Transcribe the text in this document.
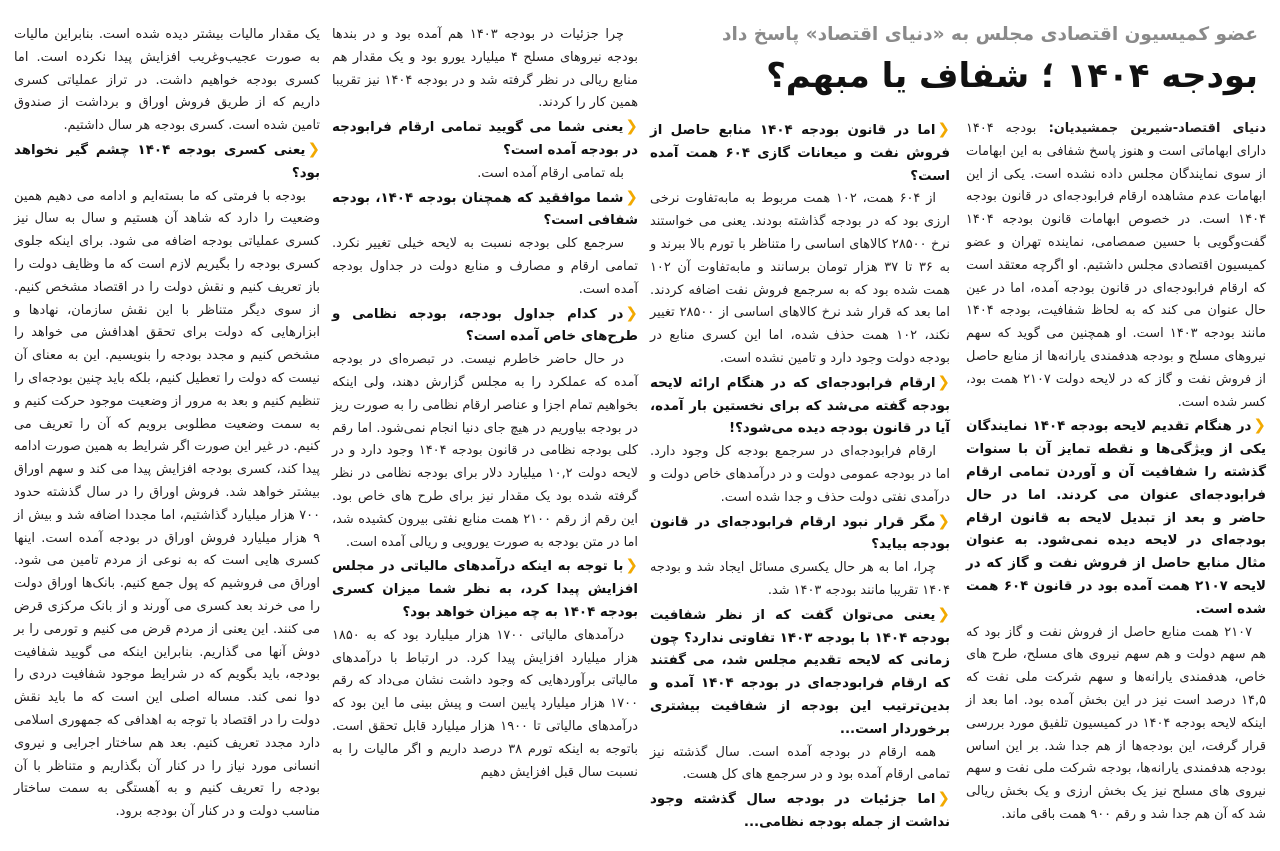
عضو کمیسیون اقتصادی مجلس به «دنیای اقتصاد» پاسخ داد
بودجه ۱۴۰۴ ؛ شفاف یا مبهم؟

دنیای اقتصاد-شیرین جمشیدیان: بودجه ۱۴۰۴ دارای ابهاماتی است و هنوز پاسخ شفافی به این ابهامات از سوی نمایندگان مجلس داده نشده است. یکی از این ابهامات عدم مشاهده ارقام فرابودجه‌ای در قانون بودجه ۱۴۰۴ است. در خصوص ابهامات قانون بودجه ۱۴۰۴ گفت‌وگویی با حسین صمصامی، نماینده تهران و عضو کمیسیون اقتصادی مجلس داشتیم. او اگرچه معتقد است که ارقام فرابودجه‌ای در قانون بودجه آمده، اما در عین حال عنوان می کند که به لحاظ شفافیت، بودجه ۱۴۰۴ مانند بودجه ۱۴۰۳ است. او همچنین می گوید که سهم نیروهای مسلح و بودجه هدفمندی یارانه‌ها از منابع حاصل از فروش نفت و گاز که در لایحه دولت ۲۱۰۷ همت بود، کسر شده است.

❮در هنگام تقدیم لایحه بودجه ۱۴۰۴ نمایندگان یکی از ویژگی‌ها و نقطه تمایز آن با سنوات گذشته را شفافیت آن و آوردن تمامی ارقام فرابودجه‌ای عنوان می کردند. اما در حال حاضر و بعد از تبدیل لایحه به قانون ارقام بودجه‌ای در لایحه دیده نمی‌شود. به عنوان مثال منابع حاصل از فروش نفت و گاز که در لایحه ۲۱۰۷ همت آمده بود در قانون ۶۰۴ همت شده است.

۲۱۰۷ همت منابع حاصل از فروش نفت و گاز بود که هم سهم دولت و هم سهم نیروی های مسلح، طرح های خاص، هدفمندی یارانه‌ها و سهم شرکت ملی نفت که ۱۴,۵ درصد است نیز در این بخش آمده بود. اما بعد از اینکه لایحه بودجه ۱۴۰۴ در کمیسیون تلفیق مورد بررسی قرار گرفت، این بودجه‌ها از هم جدا شد. بر این اساس بودجه هدفمندی یارانه‌ها، بودجه شرکت ملی نفت و سهم نیروی های مسلح نیز یک بخش ارزی و یک بخش ریالی شد که آن هم جدا شد و رقم ۹۰۰ همت باقی ماند.

❮اما در قانون بودجه ۱۴۰۴ منابع حاصل از فروش نفت و میعانات گازی ۶۰۴ همت آمده است؟

از ۶۰۴ همت، ۱۰۲ همت مربوط به مابه‌تفاوت نرخی ارزی بود که در بودجه گذاشته بودند. یعنی می خواستند نرخ ۲۸۵۰۰ کالاهای اساسی را متناظر با تورم بالا ببرند و به ۳۶ تا ۳۷ هزار تومان برسانند و مابه‌تفاوت آن ۱۰۲ همت شده بود که به سرجمع فروش نفت اضافه کردند. اما بعد که قرار شد نرخ کالاهای اساسی از ۲۸۵۰۰ تغییر نکند، ۱۰۲ همت حذف شده، اما این کسری منابع در بودجه دولت وجود دارد و تامین نشده است.

❮ارقام فرابودجه‌ای که در هنگام ارائه لایحه بودجه گفته می‌شد که برای نخستین بار آمده، آیا در قانون بودجه دیده می‌شود؟!

ارقام فرابودجه‌ای در سرجمع بودجه کل وجود دارد. اما در بودجه عمومی دولت و در درآمدهای خاص دولت و درآمدی نفتی دولت حذف و جدا شده است.

❮مگر قرار نبود ارقام فرابودجه‌ای در قانون بودجه بیاید؟

چرا، اما به هر حال یکسری مسائل ایجاد شد و بودجه ۱۴۰۴ تقریبا مانند بودجه ۱۴۰۳ شد.

❮یعنی می‌توان گفت که از نظر شفافیت بودجه ۱۴۰۴ با بودجه ۱۴۰۳ تفاوتی ندارد؟ چون زمانی که لایحه تقدیم مجلس شد، می گفتند که ارقام فرابودجه‌ای در بودجه ۱۴۰۴ آمده و بدین‌ترتیب این بودجه از شفافیت بیشتری برخوردار است...

همه ارقام در بودجه آمده است. سال گذشته نیز تمامی ارقام آمده بود و در سرجمع های کل هست.

❮اما جزئیات در بودجه سال گذشته وجود نداشت از جمله بودجه نظامی...

چرا جزئیات در بودجه ۱۴۰۳ هم آمده بود و در بندها بودجه نیروهای مسلح ۴ میلیارد یورو بود و یک مقدار هم منابع ریالی در نظر گرفته شد و در بودجه ۱۴۰۴ نیز تقریبا همین کار را کردند.

❮یعنی شما می گویید تمامی ارقام فرابودجه در بودجه آمده است؟

بله تمامی ارقام آمده است.

❮شما موافقید که همچنان بودجه ۱۴۰۴، بودجه شفافی است؟

سرجمع کلی بودجه نسبت به لایحه خیلی تغییر نکرد. تمامی ارقام و مصارف و منابع دولت در جداول بودجه آمده است.

❮در کدام جداول بودجه، بودجه نظامی و طرح‌های خاص آمده است؟

در حال حاضر خاطرم نیست. در تبصره‌ای در بودجه آمده که عملکرد را به مجلس گزارش دهند، ولی اینکه بخواهیم تمام اجزا و عناصر ارقام نظامی را به صورت ریز در بودجه بیاوریم در هیچ جای دنیا انجام نمی‌شود. اما رقم کلی بودجه نظامی در قانون بودجه ۱۴۰۴ وجود دارد و در لایحه دولت ۱۰,۲ میلیارد دلار برای بودجه نظامی در نظر گرفته شده بود یک مقدار نیز برای طرح های خاص بود. این رقم از رقم ۲۱۰۰ همت منابع نفتی بیرون کشیده شد، اما در متن بودجه به صورت یورویی و ریالی آمده است.

❮با توجه به اینکه درآمدهای مالیاتی در مجلس افزایش پیدا کرد، به نظر شما میزان کسری بودجه ۱۴۰۴ به چه میزان خواهد بود؟

درآمدهای مالیاتی ۱۷۰۰ هزار میلیارد بود که به ۱۸۵۰ هزار میلیارد افزایش پیدا کرد. در ارتباط با درآمدهای مالیاتی برآوردهایی که وجود داشت نشان می‌داد که رقم ۱۷۰۰ هزار میلیارد پایین است و پیش بینی ما این بود که درآمدهای مالیاتی تا ۱۹۰۰ هزار میلیارد قابل تحقق است. باتوجه به اینکه تورم ۳۸ درصد داریم و اگر مالیات را به نسبت سال قبل افزایش دهیم

یک مقدار مالیات بیشتر دیده شده است. بنابراین مالیات به صورت عجیب‌وغریب افزایش پیدا نکرده است. اما کسری بودجه خواهیم داشت. در تراز عملیاتی کسری داریم که از طریق فروش اوراق و برداشت از صندوق تامین شده است. کسری بودجه هر سال داشتیم.

❮یعنی کسری بودجه ۱۴۰۴ چشم گیر نخواهد بود؟

بودجه با فرمتی که ما بسته‌ایم و ادامه می دهیم همین وضعیت را دارد که شاهد آن هستیم و سال به سال نیز کسری عملیاتی بودجه اضافه می شود. برای اینکه جلوی کسری بودجه را بگیریم لازم است که ما وظایف دولت را باز تعریف کنیم و نقش دولت را در اقتصاد مشخص کنیم. از سوی دیگر متناظر با این نقش سازمان، نهادها و ابزارهایی که دولت برای تحقق اهدافش می خواهد را مشخص کنیم و مجدد بودجه را بنویسیم. این به معنای آن نیست که دولت را تعطیل کنیم، بلکه باید چنین بودجه‌ای را تنظیم کنیم و بعد به مرور از وضعیت موجود حرکت کنیم و به سمت وضعیت مطلوبی برویم که آن را تعریف می کنیم. در غیر این صورت اگر شرایط به همین صورت ادامه پیدا کند، کسری بودجه افزایش پیدا می کند و سهم اوراق بیشتر خواهد شد. فروش اوراق را در سال گذشته حدود ۷۰۰ هزار میلیارد گذاشتیم، اما مجددا اضافه شد و بیش از ۹ هزار میلیارد فروش اوراق در بودجه آمده است. اینها کسری هایی است که به نوعی از مردم تامین می شود. اوراق می فروشیم که پول جمع کنیم. بانک‌ها اوراق دولت را می خرند بعد کسری می آورند و از بانک مرکزی قرض می کنند. این یعنی از مردم قرض می کنیم و تورمی را بر دوش آنها می گذاریم. بنابراین اینکه می گویید شفافیت بودجه، باید بگویم که در شرایط موجود شفافیت دردی را دوا نمی کند. مساله اصلی این است که ما باید نقش دولت را در اقتصاد با توجه به اهدافی که جمهوری اسلامی دارد مجدد تعریف کنیم. بعد هم ساختار اجرایی و نیروی انسانی مورد نیاز را در کنار آن بگذاریم و متناظر با آن بودجه را تعریف کنیم و به آهستگی به سمت ساختار مناسب دولت و در کنار آن بودجه برود.
